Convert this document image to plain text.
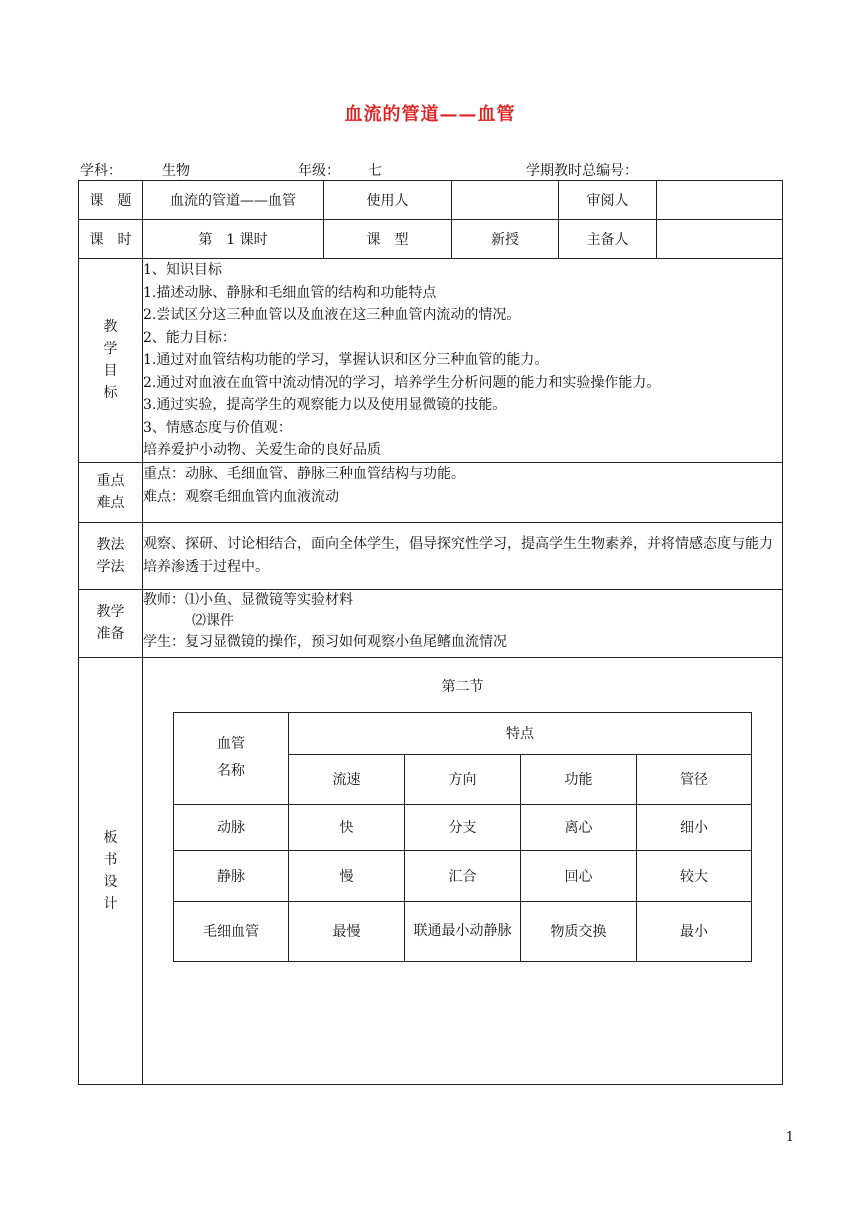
血流的管道——血管
学科：	生物	年级： 七	学期教时总编号：
课　题	血流的管道——血管	使用人		审阅人	
课　时	第　1 课时	课　型	新授	主备人	

教
学
目
标

1、知识目标
1.描述动脉、静脉和毛细血管的结构和功能特点
2.尝试区分这三种血管以及血液在这三种血管内流动的情况。
2、能力目标：
1.通过对血管结构功能的学习，掌握认识和区分三种血管的能力。
2.通过对血液在血管中流动情况的学习，培养学生分析问题的能力和实验操作能力。
3.通过实验，提高学生的观察能力以及使用显微镜的技能。
3、情感态度与价值观：
培养爱护小动物、关爱生命的良好品质

重点
难点

重点：动脉、毛细血管、静脉三种血管结构与功能。
难点：观察毛细血管内血液流动

教法
学法
	观察、探研、讨论相结合，面向全体学生，倡导探究性学习，提高学生生物素养，并将情感态度与能力培养渗透于过程中。

教学
准备

教师：⑴小鱼、显微镜等实验材料
⑵课件
学生：复习显微镜的操作，预习如何观察小鱼尾鳍血流情况

板
书
设
计

第二节
血管
名称
	特点
流速	方向	功能	管径
动脉	快	分支	离心	细小
静脉	慢	汇合	回心	较大
毛细血管	最慢	联通最小动静脉	物质交换	最小
1
